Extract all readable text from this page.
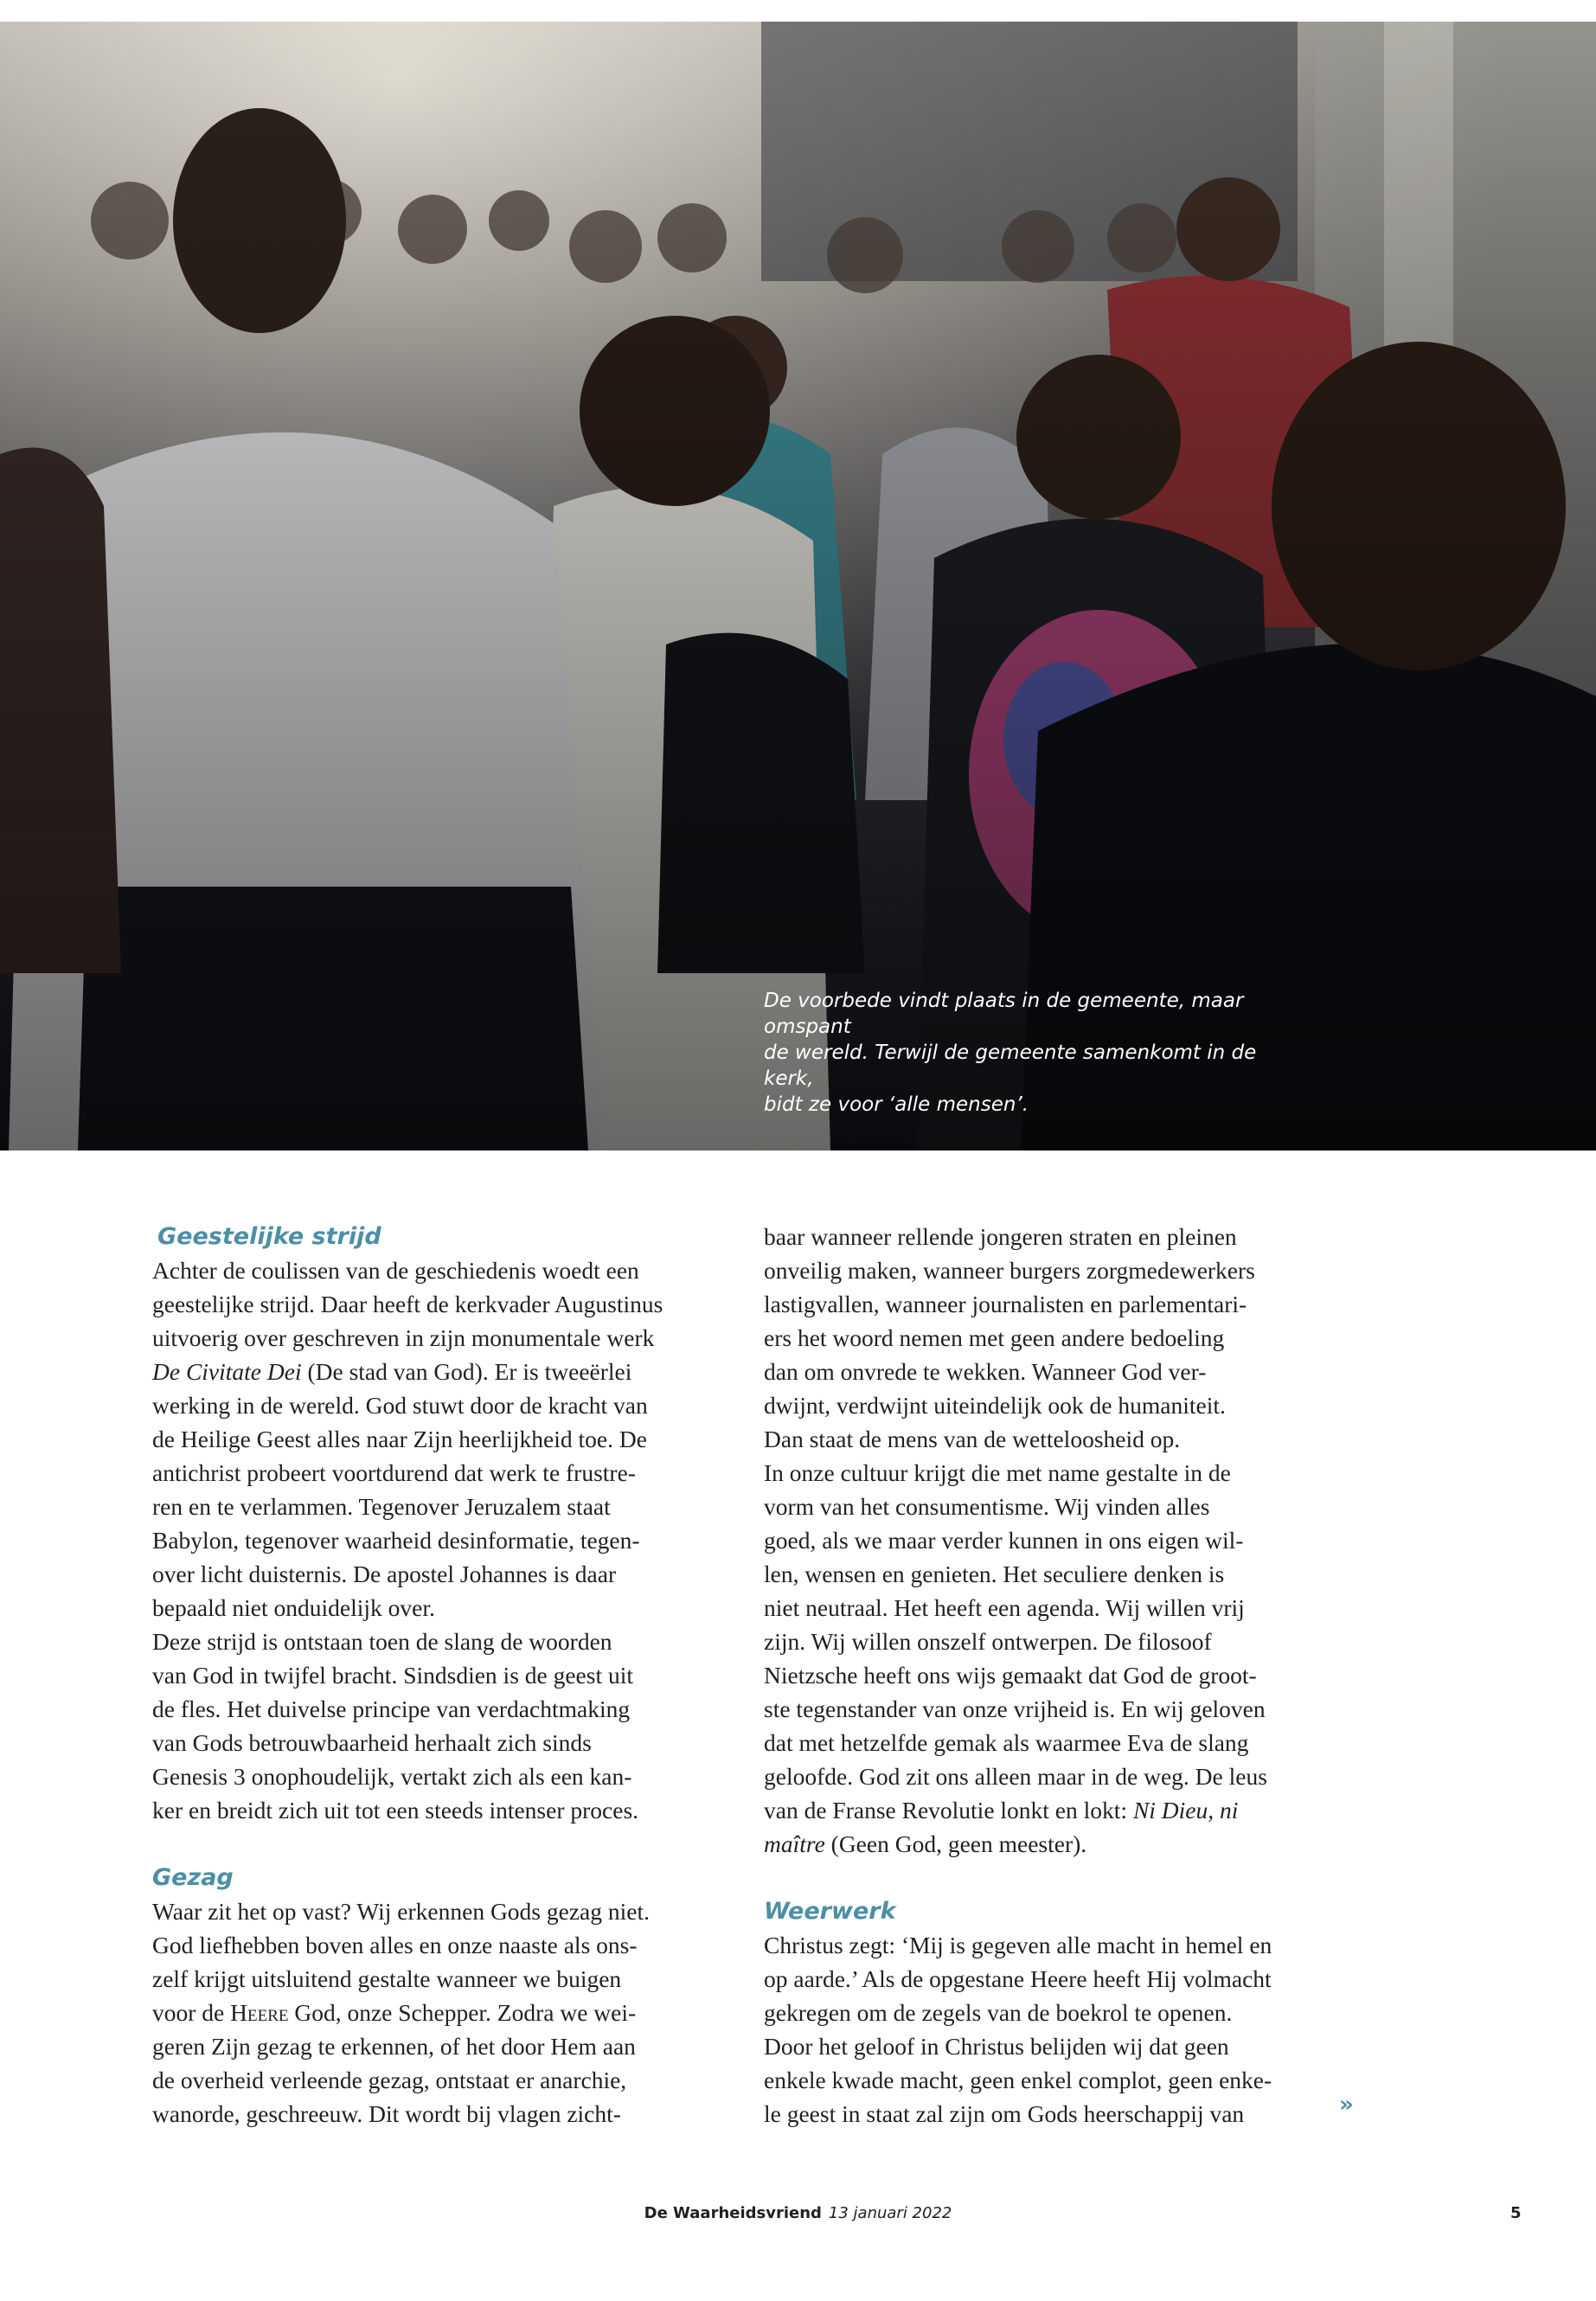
De voorbede vindt plaats in de gemeente, maar omspant
de wereld. Terwijl de gemeente samenkomt in de kerk,
bidt ze voor ‘alle mensen’.
Geestelijke strijd

Achter de coulissen van de geschiedenis woedt een
geestelijke strijd. Daar heeft de kerkvader Augustinus
uitvoerig over geschreven in zijn monumentale werk
De Civitate Dei (De stad van God). Er is tweeërlei
werking in de wereld. God stuwt door de kracht van
de Heilige Geest alles naar Zijn heerlijkheid toe. De
antichrist probeert voortdurend dat werk te frustre-
ren en te verlammen. Tegenover Jeruzalem staat
Babylon, tegenover waarheid desinformatie, tegen-
over licht duisternis. De apostel Johannes is daar
bepaald niet onduidelijk over.

Deze strijd is ontstaan toen de slang de woorden
van God in twijfel bracht. Sindsdien is de geest uit
de fles. Het duivelse principe van verdachtmaking
van Gods betrouwbaarheid herhaalt zich sinds
Genesis 3 onophoudelijk, vertakt zich als een kan-
ker en breidt zich uit tot een steeds intenser proces.

Gezag

Waar zit het op vast? Wij erkennen Gods gezag niet.
God liefhebben boven alles en onze naaste als ons-
zelf krijgt uitsluitend gestalte wanneer we buigen
voor de Heere God, onze Schepper. Zodra we wei-
geren Zijn gezag te erkennen, of het door Hem aan
de overheid verleende gezag, ontstaat er anarchie,
wanorde, geschreeuw. Dit wordt bij vlagen zicht-

baar wanneer rellende jongeren straten en pleinen
onveilig maken, wanneer burgers zorgmedewerkers
lastigvallen, wanneer journalisten en parlementari-
ers het woord nemen met geen andere bedoeling
dan om onvrede te wekken. Wanneer God ver-
dwijnt, verdwijnt uiteindelijk ook de humaniteit.
Dan staat de mens van de wetteloosheid op.

In onze cultuur krijgt die met name gestalte in de
vorm van het consumentisme. Wij vinden alles
goed, als we maar verder kunnen in ons eigen wil-
len, wensen en genieten. Het seculiere denken is
niet neutraal. Het heeft een agenda. Wij willen vrij
zijn. Wij willen onszelf ontwerpen. De filosoof
Nietzsche heeft ons wijs gemaakt dat God de groot-
ste tegenstander van onze vrijheid is. En wij geloven
dat met hetzelfde gemak als waarmee Eva de slang
geloofde. God zit ons alleen maar in de weg. De leus
van de Franse Revolutie lonkt en lokt: Ni Dieu, ni
maître (Geen God, geen meester).

Weerwerk

Christus zegt: ‘Mij is gegeven alle macht in hemel en
op aarde.’ Als de opgestane Heere heeft Hij volmacht
gekregen om de zegels van de boekrol te openen.
Door het geloof in Christus belijden wij dat geen
enkele kwade macht, geen enkel complot, geen enke-
le geest in staat zal zijn om Gods heerschappij van	»
De Waarheidsvriend 13 januari 2022	5
